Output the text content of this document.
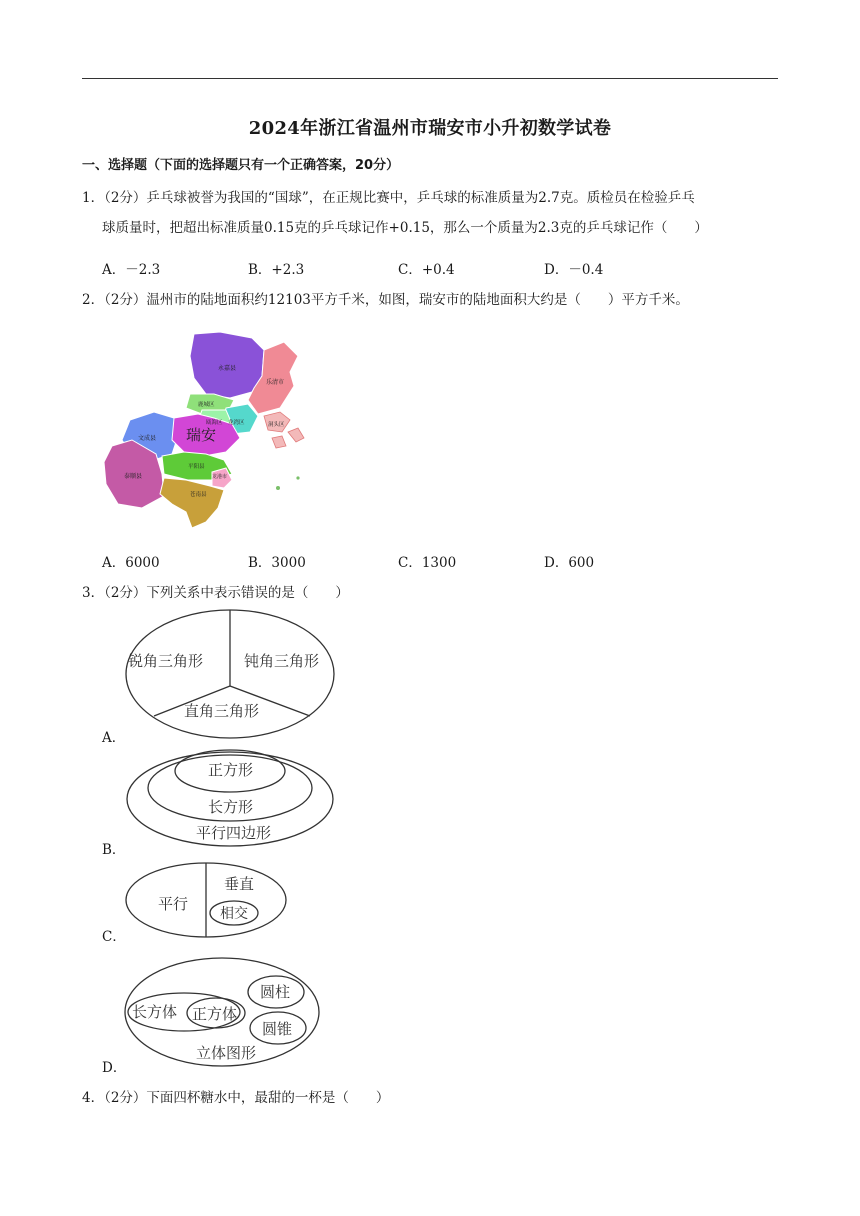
2024年浙江省温州市瑞安市小升初数学试卷
一、选择题（下面的选择题只有一个正确答案，20分）
1．（2分）乒乓球被誉为我国的“国球”，在正规比赛中，乒乓球的标准质量为2.7克。质检员在检验乒乓
球质量时，把超出标准质量0.15克的乒乓球记作+0.15，那么一个质量为2.3克的乒乓球记作（　　）
A．－2.3	B．+2.3	C．+0.4	D．－0.4
2．（2分）温州市的陆地面积约12103平方千米，如图，瑞安市的陆地面积大约是（　　）平方千米。
永嘉县
乐清市
鹿城区
瓯海区 龙湾区	洞头区
文成县 瑞安
平阳县
泰顺县
苍南县
龙港市
A．6000	B．3000	C．1300	D．600
3．（2分）下列关系中表示错误的是（　　）
锐角三角形	钝角三角形
直角三角形
A．
正方形
长方形
平行四边形
B．
平行
垂直
相交
C．
长方体 正方体
圆柱
圆锥
立体图形
D．
4．（2分）下面四杯糖水中，最甜的一杯是（　　）
